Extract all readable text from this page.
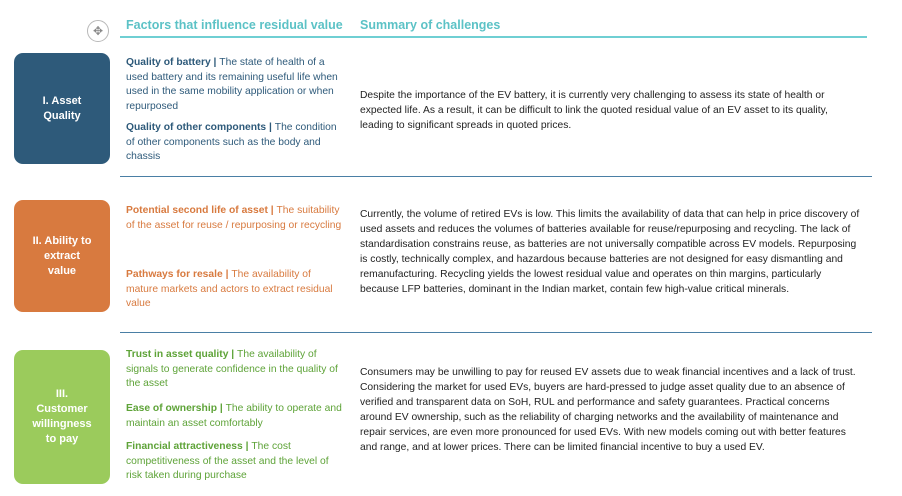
✥	Factors that influence residual value Summary of challenges
I. Asset Quality
Quality of battery | The state of health of a used battery and its remaining useful life when used in the same mobility application or when repurposed
Quality of other components | The condition of other components such as the body and chassis
Despite the importance of the EV battery, it is currently very challenging to assess its state of health or expected life. As a result, it can be difficult to link the quoted residual value of an EV asset to its quality, leading to significant spreads in quoted prices.
II. Ability to extract value
Potential second life of asset | The suitability of the asset for reuse / repurposing or recycling
Pathways for resale | The availability of mature markets and actors to extract residual value
Currently, the volume of retired EVs is low. This limits the availability of data that can help in price discovery of used assets and reduces the volumes of batteries available for reuse/repurposing and recycling. The lack of standardisation constrains reuse, as batteries are not universally compatible across EV models. Repurposing is costly, technically complex, and hazardous because batteries are not designed for easy dismantling and remanufacturing. Recycling yields the lowest residual value and operates on thin margins, particularly because LFP batteries, dominant in the Indian market, contain few high-value critical minerals.
III. Customer willingness to pay
Trust in asset quality | The availability of signals to generate confidence in the quality of the asset
Ease of ownership | The ability to operate and maintain an asset comfortably
Financial attractiveness | The cost competitiveness of the asset and the level of risk taken during purchase
Consumers may be unwilling to pay for reused EV assets due to weak financial incentives and a lack of trust. Considering the market for used EVs, buyers are hard-pressed to judge asset quality due to an absence of verified and transparent data on SoH, RUL and performance and safety guarantees. Practical concerns around EV ownership, such as the reliability of charging networks and the availability of maintenance and repair services, are even more pronounced for used EVs. With new models coming out with better features and range, and at lower prices. There can be limited financial incentive to buy a used EV.
